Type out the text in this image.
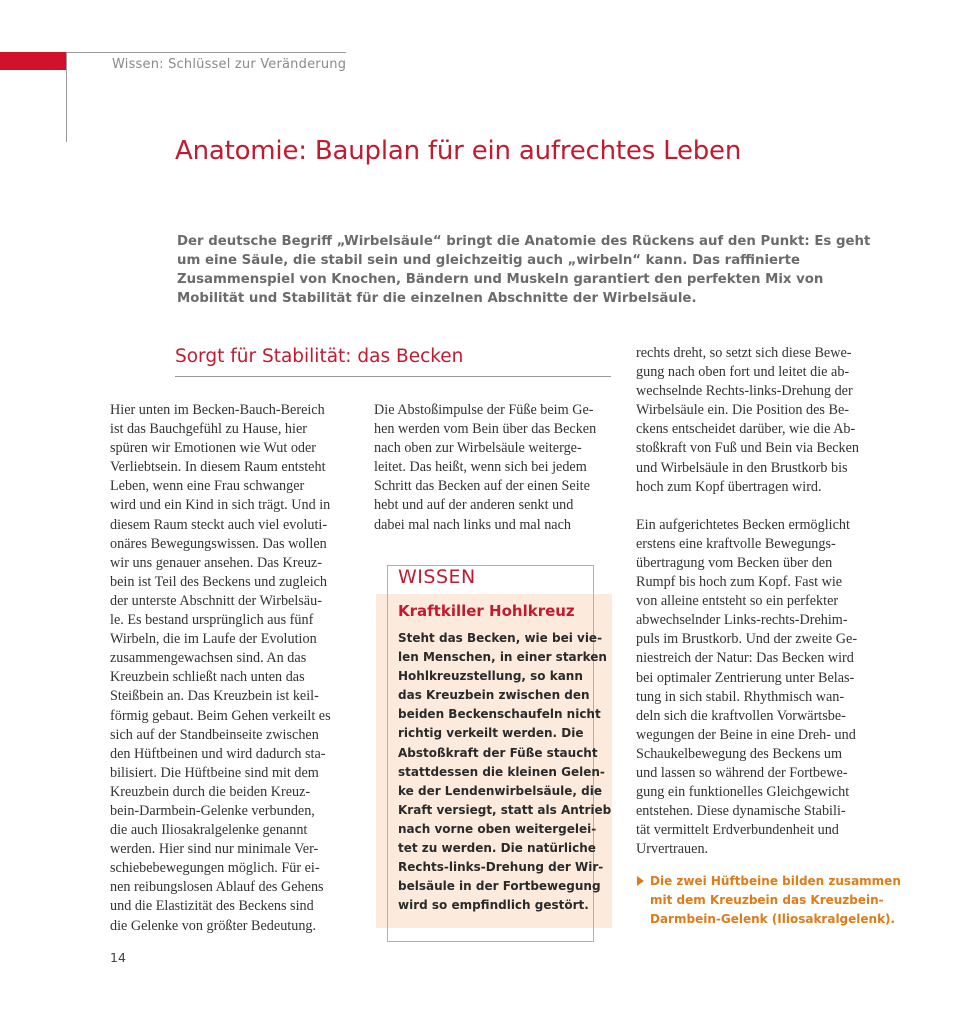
Wissen: Schlüssel zur Veränderung
Anatomie: Bauplan für ein aufrechtes Leben
Der deutsche Begriff „Wirbelsäule“ bringt die Anatomie des Rückens auf den Punkt: Es geht um eine Säule, die stabil sein und gleichzeitig auch „wirbeln“ kann. Das raffinierte Zusammenspiel von Knochen, Bändern und Muskeln garantiert den perfekten Mix von Mobilität und Stabilität für die einzelnen Abschnitte der Wirbelsäule.
Sorgt für Stabilität: das Becken

Hier unten im Becken-Bauch-Bereich

ist das Bauchgefühl zu Hause, hier

spüren wir Emotionen wie Wut oder

Verliebtsein. In diesem Raum entsteht

Leben, wenn eine Frau schwanger

wird und ein Kind in sich trägt. Und in

diesem Raum steckt auch viel evoluti-

onäres Bewegungswissen. Das wollen

wir uns genauer ansehen. Das Kreuz-

bein ist Teil des Beckens und zugleich

der unterste Abschnitt der Wirbelsäu-

le. Es bestand ursprünglich aus fünf

Wirbeln, die im Laufe der Evolution

zusammengewachsen sind. An das

Kreuzbein schließt nach unten das

Steißbein an. Das Kreuzbein ist keil-

förmig gebaut. Beim Gehen verkeilt es

sich auf der Standbeinseite zwischen

den Hüftbeinen und wird dadurch sta-

bilisiert. Die Hüftbeine sind mit dem

Kreuzbein durch die beiden Kreuz-

bein-Darmbein-Gelenke verbunden,

die auch Iliosakralgelenke genannt

werden. Hier sind nur minimale Ver-

schiebebewegungen möglich. Für ei-

nen reibungslosen Ablauf des Gehens

und die Elastizität des Beckens sind

die Gelenke von größter Bedeutung.

Die Abstoßimpulse der Füße beim Ge-

hen werden vom Bein über das Becken

nach oben zur Wirbelsäule weiterge-

leitet. Das heißt, wenn sich bei jedem

Schritt das Becken auf der einen Seite

hebt und auf der anderen senkt und

dabei mal nach links und mal nach

WISSEN
Kraftkiller Hohlkreuz

Steht das Becken, wie bei vie-

len Menschen, in einer starken

Hohlkreuzstellung, so kann

das Kreuzbein zwischen den

beiden Beckenschaufeln nicht

richtig verkeilt werden. Die

Abstoßkraft der Füße staucht

stattdessen die kleinen Gelen-

ke der Lendenwirbelsäule, die

Kraft versiegt, statt als Antrieb

nach vorne oben weitergelei-

tet zu werden. Die natürliche

Rechts-links-Drehung der Wir-

belsäule in der Fortbewegung

wird so empfindlich gestört.

rechts dreht, so setzt sich diese Bewe-

gung nach oben fort und leitet die ab-

wechselnde Rechts-links-Drehung der

Wirbelsäule ein. Die Position des Be-

ckens entscheidet darüber, wie die Ab-

stoßkraft von Fuß und Bein via Becken

und Wirbelsäule in den Brustkorb bis

hoch zum Kopf übertragen wird.

Ein aufgerichtetes Becken ermöglicht

erstens eine kraftvolle Bewegungs-

übertragung vom Becken über den

Rumpf bis hoch zum Kopf. Fast wie

von alleine entsteht so ein perfekter

abwechselnder Links-rechts-Drehim-

puls im Brustkorb. Und der zweite Ge-

niestreich der Natur: Das Becken wird

bei optimaler Zentrierung unter Belas-

tung in sich stabil. Rhythmisch wan-

deln sich die kraftvollen Vorwärtsbe-

wegungen der Beine in eine Dreh- und

Schaukelbewegung des Beckens um

und lassen so während der Fortbewe-

gung ein funktionelles Gleichgewicht

entstehen. Diese dynamische Stabili-

tät vermittelt Erdverbundenheit und

Urvertrauen.

Die zwei Hüftbeine bilden zusammen

mit dem Kreuzbein das Kreuzbein-

Darmbein-Gelenk (Iliosakralgelenk).

14
